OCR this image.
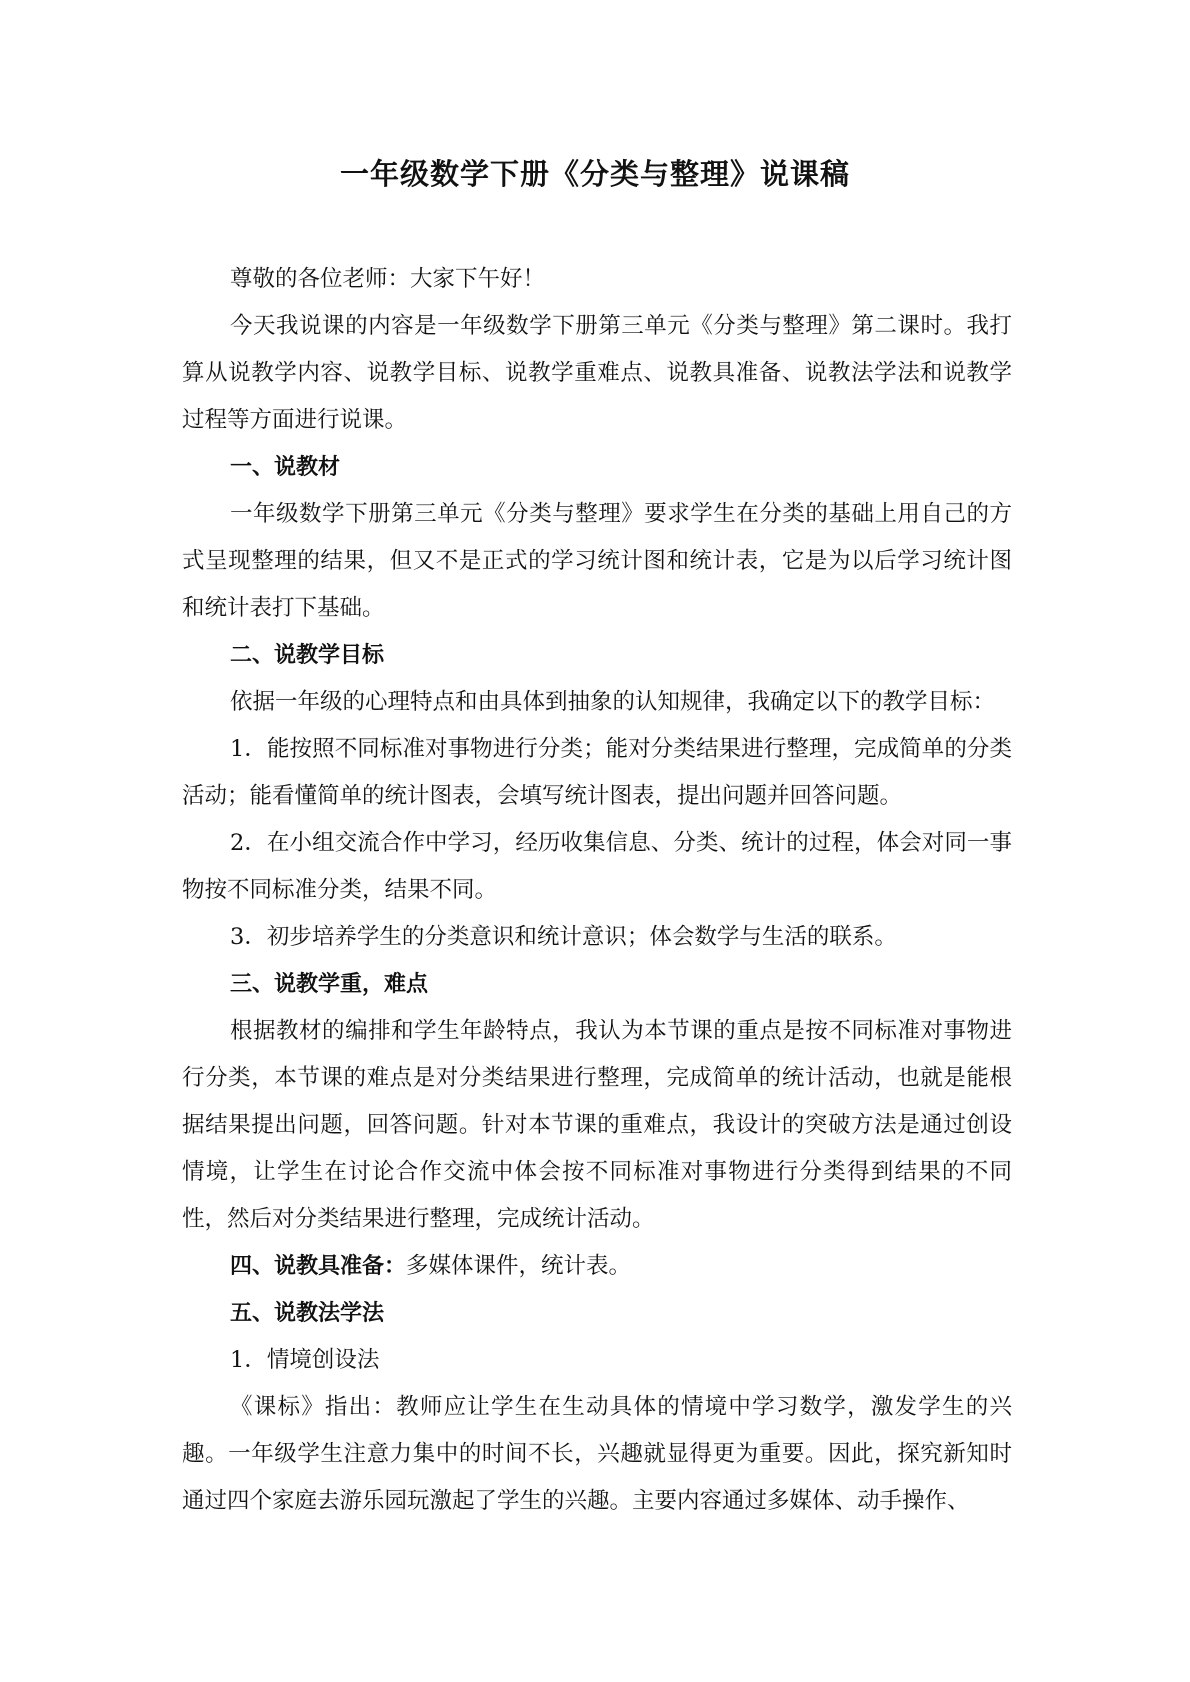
一年级数学下册《分类与整理》说课稿

尊敬的各位老师：大家下午好！

今天我说课的内容是一年级数学下册第三单元《分类与整理》第二课时。我打算从说教学内容、说教学目标、说教学重难点、说教具准备、说教法学法和说教学过程等方面进行说课。

一、说教材

一年级数学下册第三单元《分类与整理》要求学生在分类的基础上用自己的方式呈现整理的结果，但又不是正式的学习统计图和统计表，它是为以后学习统计图和统计表打下基础。

二、说教学目标

依据一年级的心理特点和由具体到抽象的认知规律，我确定以下的教学目标：

1．能按照不同标准对事物进行分类；能对分类结果进行整理，完成简单的分类活动；能看懂简单的统计图表，会填写统计图表，提出问题并回答问题。

2．在小组交流合作中学习，经历收集信息、分类、统计的过程，体会对同一事物按不同标准分类，结果不同。

3．初步培养学生的分类意识和统计意识；体会数学与生活的联系。

三、说教学重，难点

根据教材的编排和学生年龄特点，我认为本节课的重点是按不同标准对事物进行分类，本节课的难点是对分类结果进行整理，完成简单的统计活动，也就是能根据结果提出问题，回答问题。针对本节课的重难点，我设计的突破方法是通过创设情境，让学生在讨论合作交流中体会按不同标准对事物进行分类得到结果的不同性，然后对分类结果进行整理，完成统计活动。

四、说教具准备：多媒体课件，统计表。

五、说教法学法

1．情境创设法

《课标》指出：教师应让学生在生动具体的情境中学习数学，激发学生的兴趣。一年级学生注意力集中的时间不长，兴趣就显得更为重要。因此，探究新知时通过四个家庭去游乐园玩激起了学生的兴趣。主要内容通过多媒体、动手操作、
